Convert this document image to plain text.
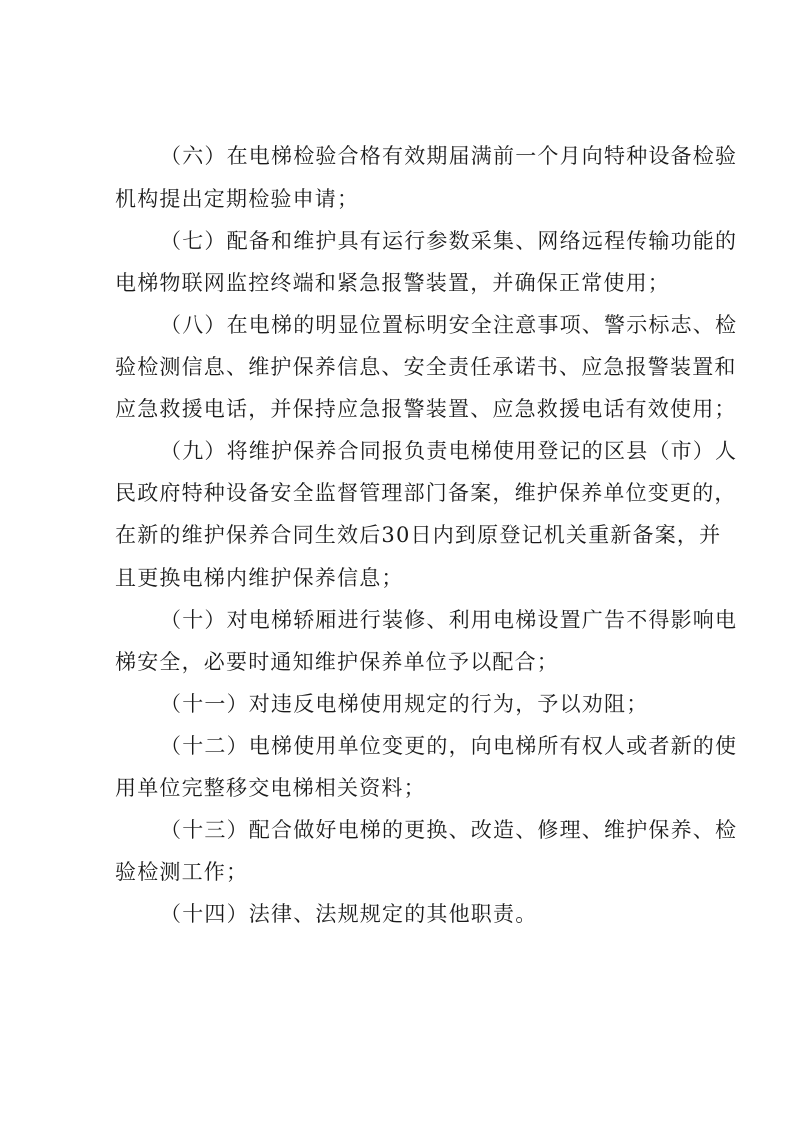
（六）在电梯检验合格有效期届满前一个月向特种设备检验

机构提出定期检验申请；

（七）配备和维护具有运行参数采集、网络远程传输功能的

电梯物联网监控终端和紧急报警装置，并确保正常使用；

（八）在电梯的明显位置标明安全注意事项、警示标志、检

验检测信息、维护保养信息、安全责任承诺书、应急报警装置和

应急救援电话，并保持应急报警装置、应急救援电话有效使用；

（九）将维护保养合同报负责电梯使用登记的区县（市）人

民政府特种设备安全监督管理部门备案，维护保养单位变更的，

在新的维护保养合同生效后30日内到原登记机关重新备案，并

且更换电梯内维护保养信息；

（十）对电梯轿厢进行装修、利用电梯设置广告不得影响电

梯安全，必要时通知维护保养单位予以配合；

（十一）对违反电梯使用规定的行为，予以劝阻；

（十二）电梯使用单位变更的，向电梯所有权人或者新的使

用单位完整移交电梯相关资料；

（十三）配合做好电梯的更换、改造、修理、维护保养、检

验检测工作；

（十四）法律、法规规定的其他职责。
